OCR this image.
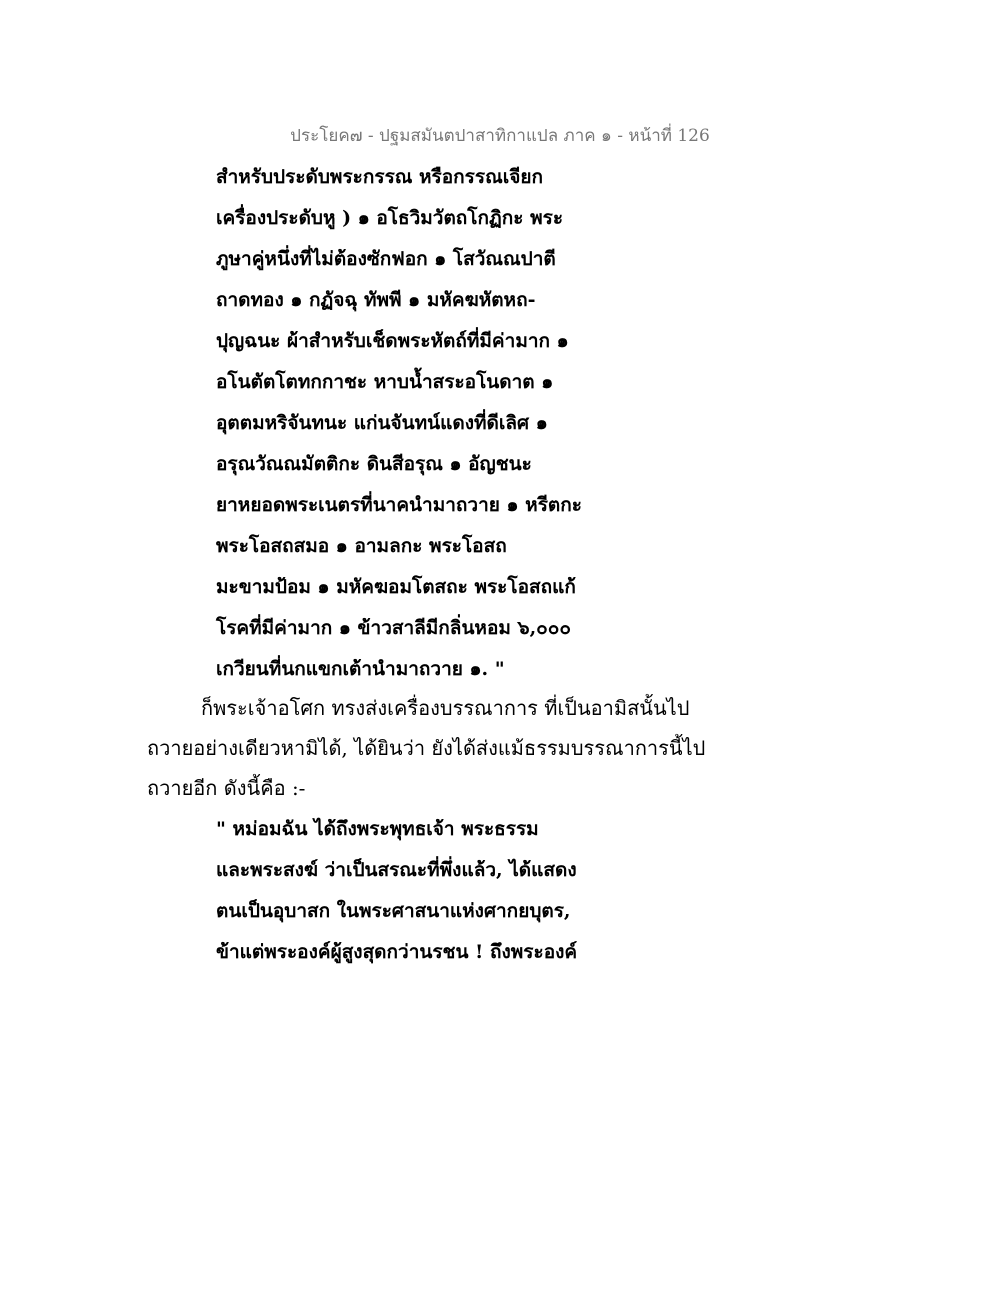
ประโยค๗ - ปฐมสมันตปาสาทิกาแปล ภาค ๑ - หน้าที่ 126
สำหรับประดับพระกรรณ หรือกรรณเจียก
เครื่องประดับหู ) ๑ อโธวิมวัตถโกฏิกะ พระ
ภูษาคู่หนึ่งที่ไม่ต้องซักฟอก ๑ โสวัณณปาตี
ถาดทอง ๑ กฏัจฉุ ทัพพี ๑ มหัคฆหัตหถ-
ปุญฉนะ ผ้าสำหรับเช็ดพระหัตถ์ที่มีค่ามาก ๑
อโนตัตโตทกกาชะ หาบน้ำสระอโนดาต ๑
อุตตมหริจันทนะ แก่นจันทน์แดงที่ดีเลิศ ๑
อรุณวัณณมัตติกะ ดินสีอรุณ ๑ อัญชนะ
ยาหยอดพระเนตรที่นาคนำมาถวาย ๑ หรีตกะ
พระโอสถสมอ ๑ อามลกะ พระโอสถ
มะขามป้อม ๑ มหัคฆอมโตสถะ พระโอสถแก้
โรคที่มีค่ามาก ๑ ข้าวสาลีมีกลิ่นหอม ๖,๐๐๐
เกวียนที่นกแขกเต้านำมาถวาย ๑. "
ก็พระเจ้าอโศก ทรงส่งเครื่องบรรณาการ ที่เป็นอามิสนั้นไป
ถวายอย่างเดียวหามิได้, ได้ยินว่า ยังได้ส่งแม้ธรรมบรรณาการนี้ไป
ถวายอีก ดังนี้คือ :-
" หม่อมฉัน ได้ถึงพระพุทธเจ้า พระธรรม
และพระสงฆ์ ว่าเป็นสรณะที่พึ่งแล้ว, ได้แสดง
ตนเป็นอุบาสก ในพระศาสนาแห่งศากยบุตร,
ข้าแต่พระองค์ผู้สูงสุดกว่านรชน ! ถึงพระองค์
